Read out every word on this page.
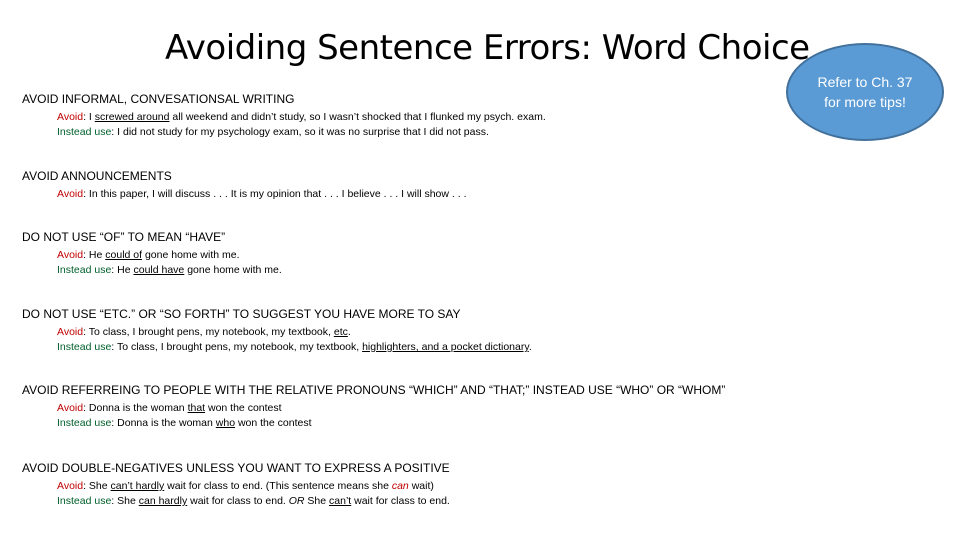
Avoiding Sentence Errors: Word Choice
Refer to Ch. 37 for more tips!
AVOID INFORMAL, CONVESATIONSAL WRITING
Avoid: I screwed around all weekend and didn’t study, so I wasn’t shocked that I flunked my psych. exam.
Instead use: I did not study for my psychology exam, so it was no surprise that I did not pass.
AVOID ANNOUNCEMENTS
Avoid: In this paper, I will discuss . . . It is my opinion that . . . I believe . . . I will show . . .
DO NOT USE “OF” TO MEAN “HAVE”
Avoid: He could of gone home with me.
Instead use: He could have gone home with me.
DO NOT USE “ETC.” OR “SO FORTH” TO SUGGEST YOU HAVE MORE TO SAY
Avoid: To class, I brought pens, my notebook, my textbook, etc.
Instead use: To class, I brought pens, my notebook, my textbook, highlighters, and a pocket dictionary.
AVOID REFERREING TO PEOPLE WITH THE RELATIVE PRONOUNS “WHICH” AND “THAT;” INSTEAD USE “WHO” OR “WHOM”
Avoid: Donna is the woman that won the contest
Instead use: Donna is the woman who won the contest
AVOID DOUBLE-NEGATIVES UNLESS YOU WANT TO EXPRESS A POSITIVE
Avoid: She can’t hardly wait for class to end. (This sentence means she can wait)
Instead use: She can hardly wait for class to end. OR She can’t wait for class to end.
